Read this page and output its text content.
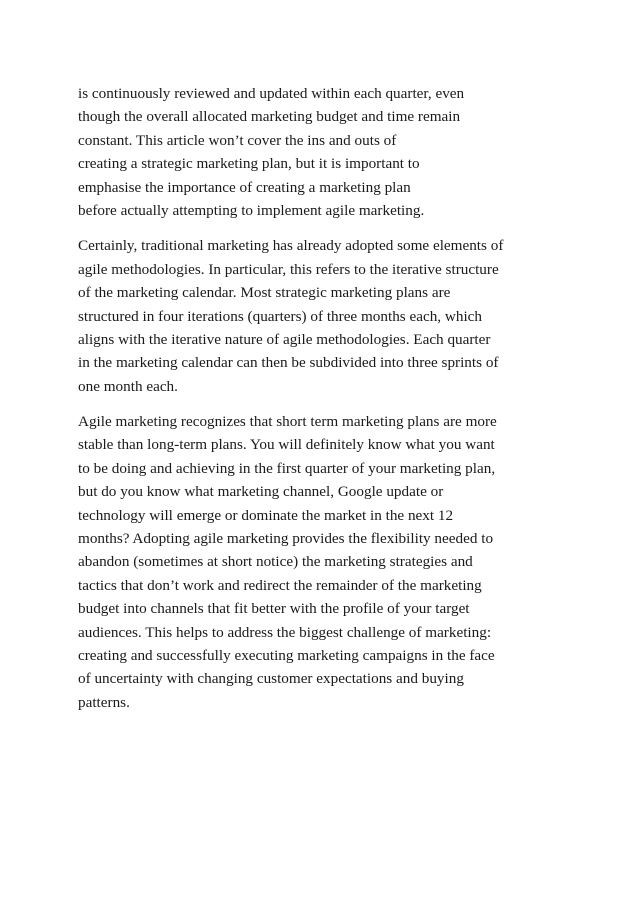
is continuously reviewed and updated within each quarter, even
though the overall allocated marketing budget and time remain
constant. This article won’t cover the ins and outs of
creating a strategic marketing plan, but it is important to
emphasise the importance of creating a marketing plan
before actually attempting to implement agile marketing.

Certainly, traditional marketing has already adopted some elements of
agile methodologies. In particular, this refers to the iterative structure
of the marketing calendar. Most strategic marketing plans are
structured in four iterations (quarters) of three months each, which
aligns with the iterative nature of agile methodologies. Each quarter
in the marketing calendar can then be subdivided into three sprints of
one month each.

Agile marketing recognizes that short term marketing plans are more
stable than long-term plans. You will definitely know what you want
to be doing and achieving in the first quarter of your marketing plan,
but do you know what marketing channel, Google update or
technology will emerge or dominate the market in the next 12
months? Adopting agile marketing provides the flexibility needed to
abandon (sometimes at short notice) the marketing strategies and
tactics that don’t work and redirect the remainder of the marketing
budget into channels that fit better with the profile of your target
audiences. This helps to address the biggest challenge of marketing:
creating and successfully executing marketing campaigns in the face
of uncertainty with changing customer expectations and buying
patterns.
